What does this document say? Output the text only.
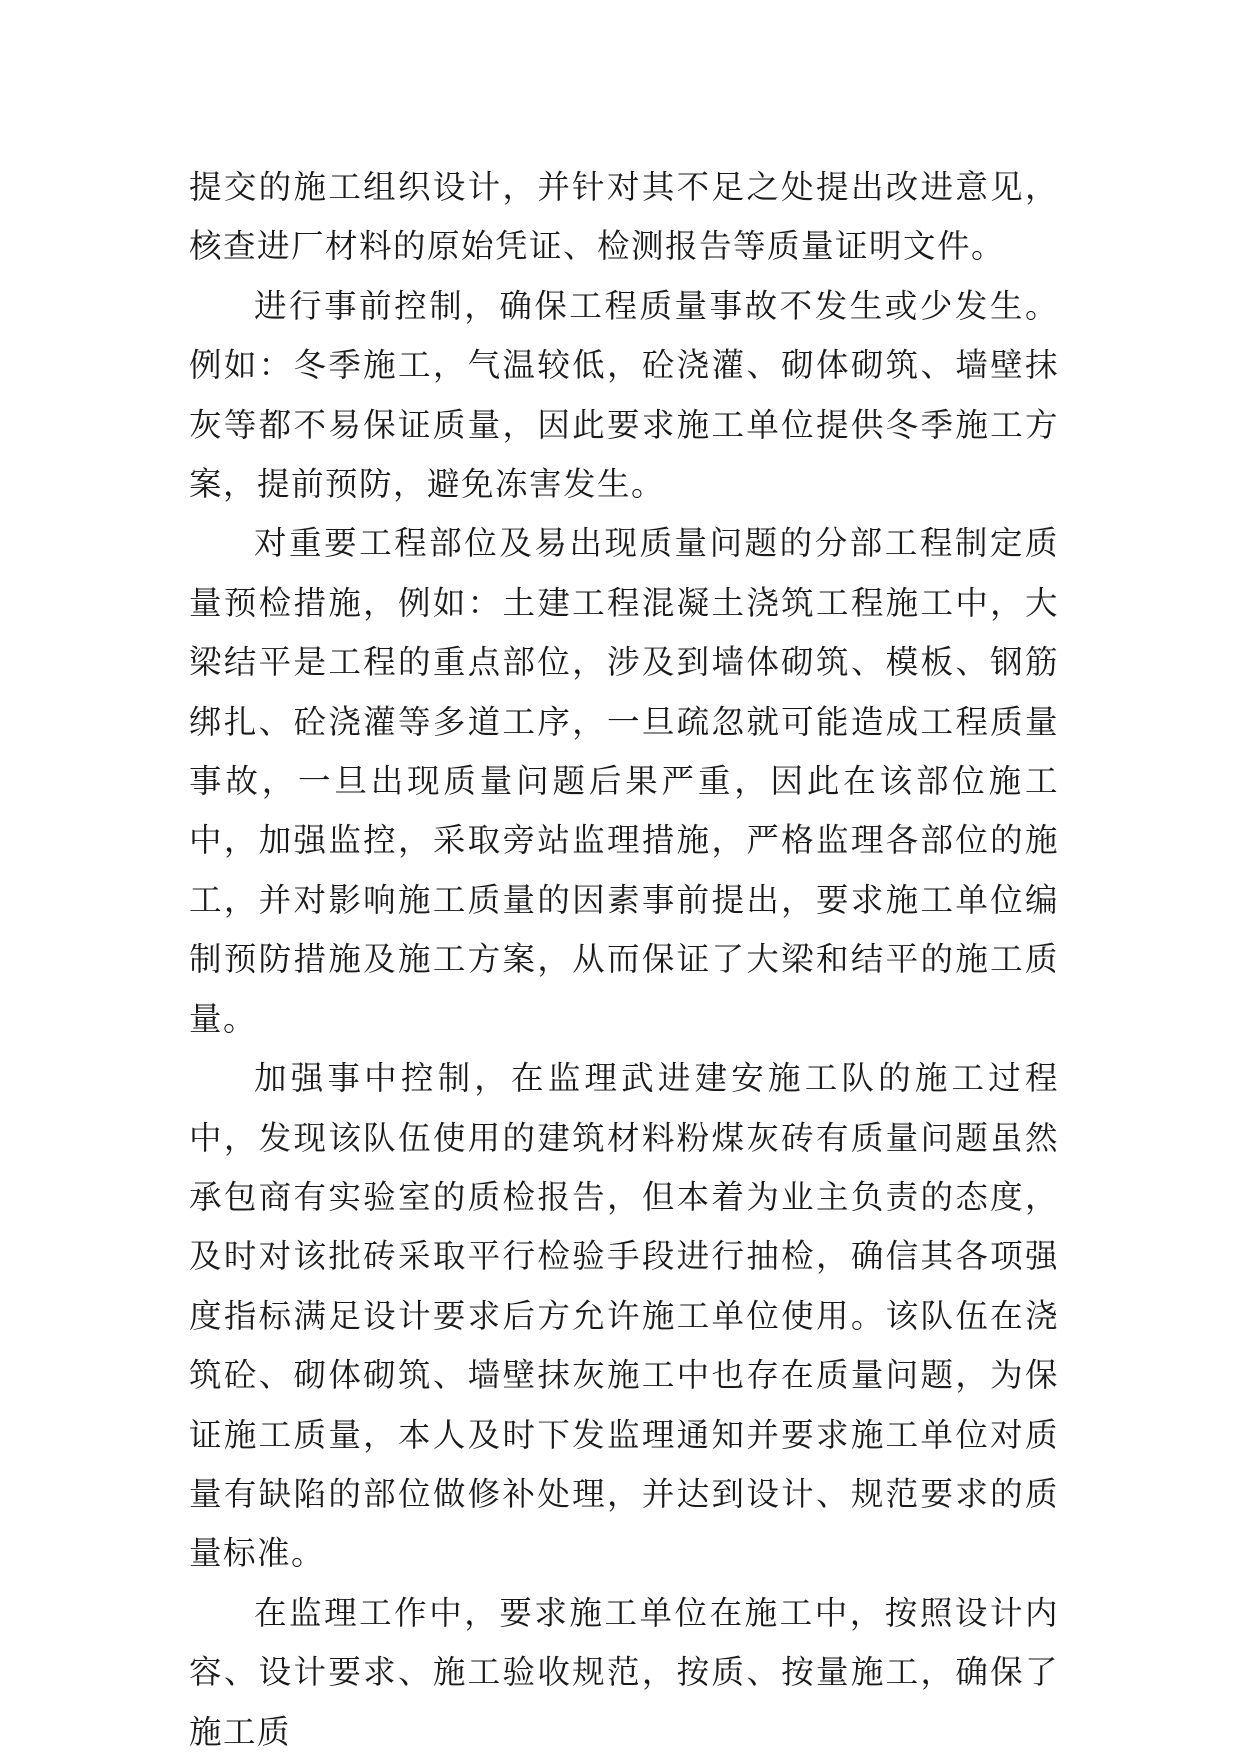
提交的施工组织设计，并针对其不足之处提出改进意见，核查进厂材料的原始凭证、检测报告等质量证明文件。

进行事前控制，确保工程质量事故不发生或少发生。例如：冬季施工，气温较低，砼浇灌、砌体砌筑、墙壁抹灰等都不易保证质量，因此要求施工单位提供冬季施工方案，提前预防，避免冻害发生。

对重要工程部位及易出现质量问题的分部工程制定质量预检措施，例如：土建工程混凝土浇筑工程施工中，大梁结平是工程的重点部位，涉及到墙体砌筑、模板、钢筋绑扎、砼浇灌等多道工序，一旦疏忽就可能造成工程质量事故，一旦出现质量问题后果严重，因此在该部位施工中，加强监控，采取旁站监理措施，严格监理各部位的施工，并对影响施工质量的因素事前提出，要求施工单位编制预防措施及施工方案，从而保证了大梁和结平的施工质量。

加强事中控制，在监理武进建安施工队的施工过程中，发现该队伍使用的建筑材料粉煤灰砖有质量问题虽然承包商有实验室的质检报告，但本着为业主负责的态度，及时对该批砖采取平行检验手段进行抽检，确信其各项强度指标满足设计要求后方允许施工单位使用。该队伍在浇筑砼、砌体砌筑、墙壁抹灰施工中也存在质量问题，为保证施工质量，本人及时下发监理通知并要求施工单位对质量有缺陷的部位做修补处理，并达到设计、规范要求的质量标准。

在监理工作中，要求施工单位在施工中，按照设计内容、设计要求、施工验收规范，按质、按量施工，确保了施工质
